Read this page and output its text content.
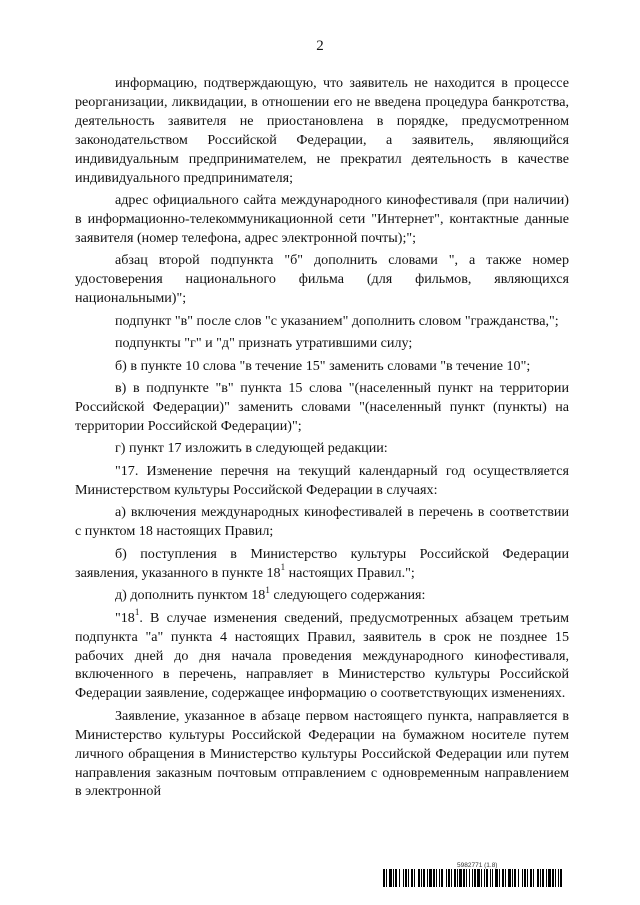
2

информацию, подтверждающую, что заявитель не находится в процессе реорганизации, ликвидации, в отношении его не введена процедура банкротства, деятельность заявителя не приостановлена в порядке, предусмотренном законодательством Российской Федерации, а заявитель, являющийся индивидуальным предпринимателем, не прекратил деятельность в качестве индивидуального предпринимателя;

адрес официального сайта международного кинофестиваля (при наличии) в информационно-телекоммуникационной сети "Интернет", контактные данные заявителя (номер телефона, адрес электронной почты);";

абзац второй подпункта "б" дополнить словами ", а также номер удостоверения национального фильма (для фильмов, являющихся национальными)";

подпункт "в" после слов "с указанием" дополнить словом "гражданства,";

подпункты "г" и "д" признать утратившими силу;

б) в пункте 10 слова "в течение 15" заменить словами "в течение 10";

в) в подпункте "в" пункта 15 слова "(населенный пункт на территории Российской Федерации)" заменить словами "(населенный пункт (пункты) на территории Российской Федерации)";

г) пункт 17 изложить в следующей редакции:

"17. Изменение перечня на текущий календарный год осуществляется Министерством культуры Российской Федерации в случаях:

а) включения международных кинофестивалей в перечень в соответствии с пунктом 18 настоящих Правил;

б) поступления в Министерство культуры Российской Федерации заявления, указанного в пункте $18^1$ настоящих Правил.";

д) дополнить пунктом $18^1$ следующего содержания:

"$18^1$. В случае изменения сведений, предусмотренных абзацем третьим подпункта "а" пункта 4 настоящих Правил, заявитель в срок не позднее 15 рабочих дней до дня начала проведения международного кинофестиваля, включенного в перечень, направляет в Министерство культуры Российской Федерации заявление, содержащее информацию о соответствующих изменениях.

Заявление, указанное в абзаце первом настоящего пункта, направляется в Министерство культуры Российской Федерации на бумажном носителе путем личного обращения в Министерство культуры Российской Федерации или путем направления заказным почтовым отправлением с одновременным направлением в электронной

5982771 (1.8)
